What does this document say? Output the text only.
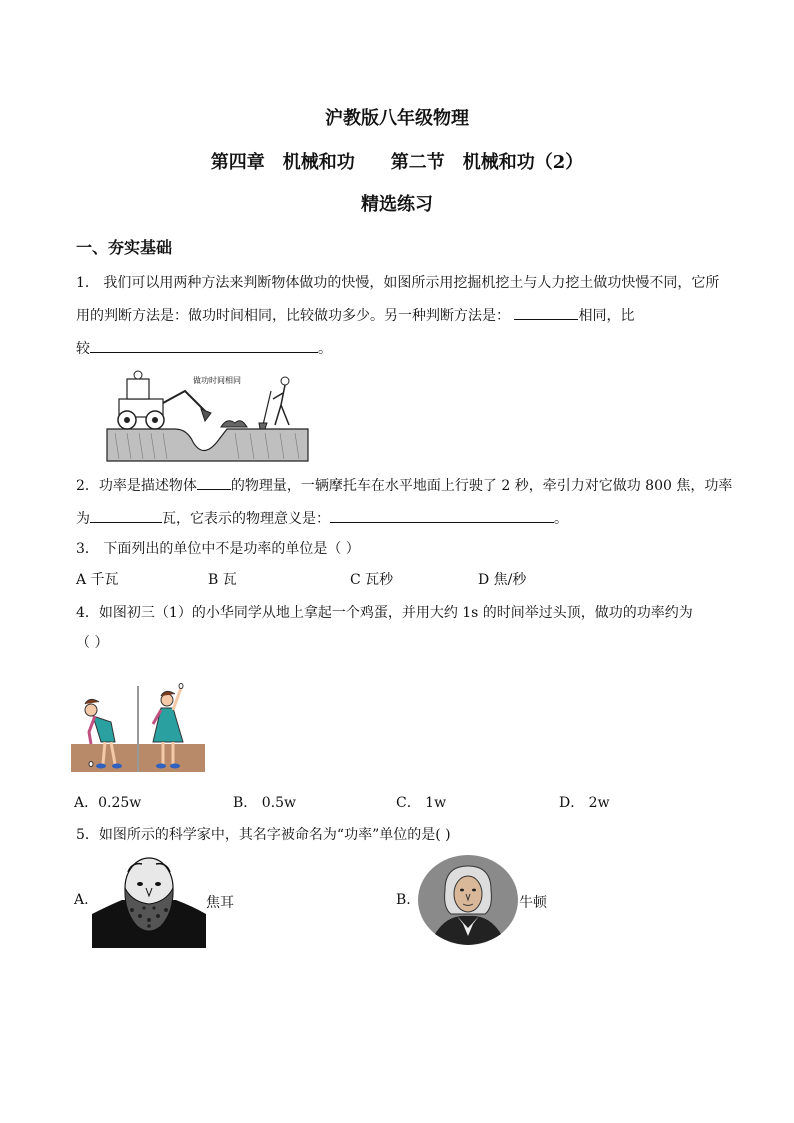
沪教版八年级物理
第四章　机械和功　　第二节　机械和功（2）
精选练习
一、夯实基础
1． 我们可以用两种方法来判断物体做功的快慢，如图所示用挖掘机挖土与人力挖土做功快慢不同，它所
用的判断方法是：做功时间相同，比较做功多少。另一种判断方法是：	相同，比
较	。
做功时间相同
2．功率是描述物体 的物理量，一辆摩托车在水平地面上行驶了 2 秒，牵引力对它做功 800 焦，功率
为	瓦，它表示的物理意义是：	。
3． 下面列出的单位中不是功率的单位是（ ）
A 千瓦	B 瓦	C 瓦秒	D 焦/秒
4．如图初三（1）的小华同学从地上拿起一个鸡蛋，并用大约 1s 的时间举过头顶，做功的功率约为
（ ）
A．0.25w	B． 0.5w	C． 1w	D． 2w
5．如图所示的科学家中，其名字被命名为“功率”单位的是( )
A.	焦耳	B.	牛顿
